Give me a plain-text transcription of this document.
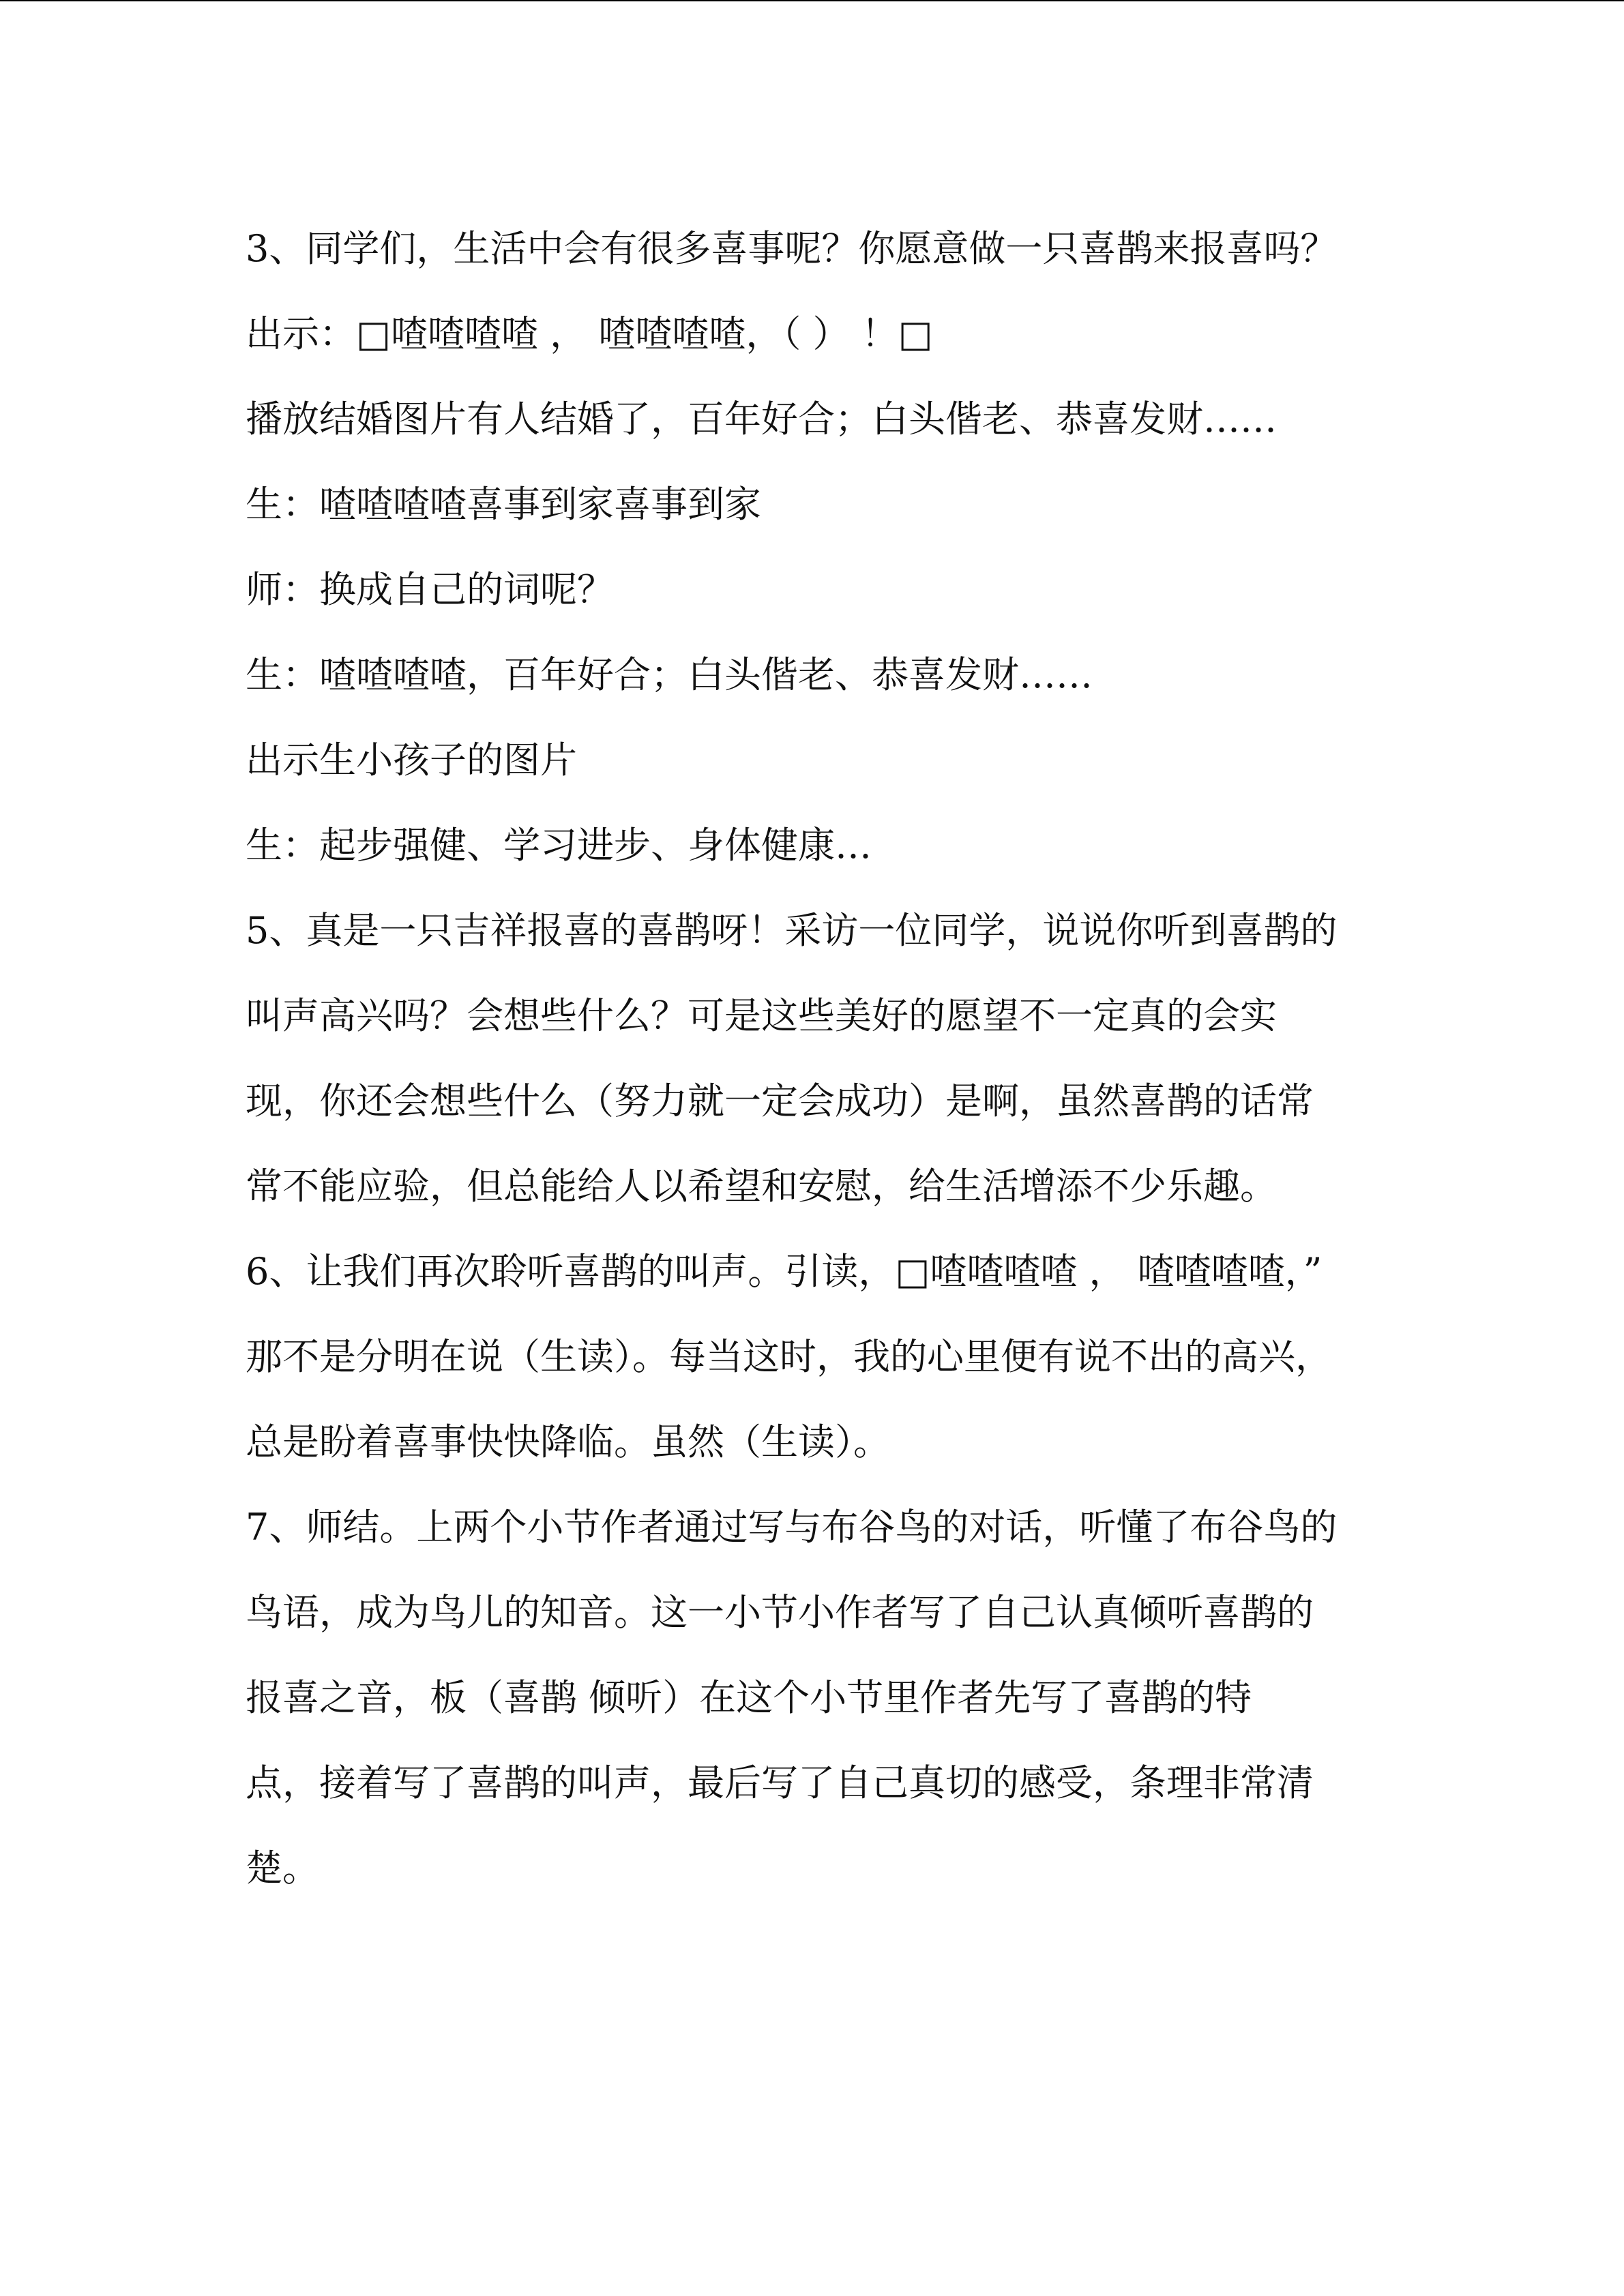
3、同学们，生活中会有很多喜事呢？你愿意做一只喜鹊来报喜吗？
出示：□喳喳喳喳 ， 喳喳喳喳，（ ） ！□
播放结婚图片有人结婚了，百年好合；白头偕老、恭喜发财……
生：喳喳喳喳喜事到家喜事到家
师：换成自己的词呢？
生：喳喳喳喳，百年好合；白头偕老、恭喜发财……
出示生小孩子的图片
生：起步强健、学习进步、身体健康…
5、真是一只吉祥报喜的喜鹊呀！采访一位同学，说说你听到喜鹊的
叫声高兴吗？会想些什么？可是这些美好的愿望不一定真的会实
现，你还会想些什么（努力就一定会成功）是啊，虽然喜鹊的话常
常不能应验，但总能给人以希望和安慰，给生活增添不少乐趣。
6、让我们再次聆听喜鹊的叫声。引读，□喳喳喳喳 ， 喳喳喳喳，”
那不是分明在说（生读）。每当这时，我的心里便有说不出的高兴，
总是盼着喜事快快降临。虽然（生读）。
7、师结。上两个小节作者通过写与布谷鸟的对话，听懂了布谷鸟的
鸟语，成为鸟儿的知音。这一小节小作者写了自己认真倾听喜鹊的
报喜之音，板（喜鹊 倾听）在这个小节里作者先写了喜鹊的特
点，接着写了喜鹊的叫声，最后写了自己真切的感受，条理非常清
楚。
